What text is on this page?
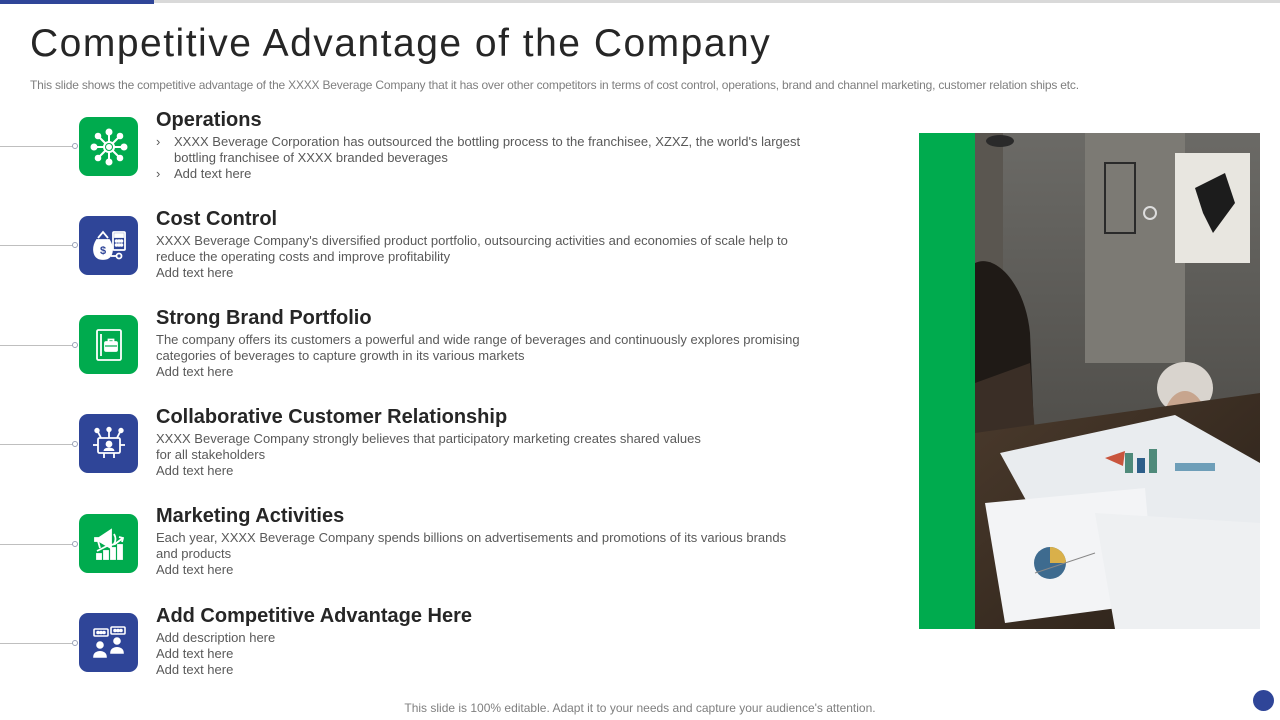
Competitive Advantage of the Company

This slide shows the competitive advantage of the XXXX Beverage Company that it has over other competitors in terms of cost control, operations, brand and channel marketing, customer relation ships etc.

Operations
› XXXX Beverage Corporation has outsourced the bottling process to the franchisee, XZXZ, the world's largest
bottling franchisee of XXXX branded beverages
› Add text here
$
Cost Control
XXXX Beverage Company's diversified product portfolio, outsourcing activities and economies of scale help to
reduce the operating costs and improve profitability
Add text here
Strong Brand Portfolio
The company offers its customers a powerful and wide range of beverages and continuously explores promising
categories of beverages to capture growth in its various markets
Add text here
Collaborative Customer Relationship
XXXX Beverage Company strongly believes that participatory marketing creates shared values
for all stakeholders
Add text here
Marketing Activities
Each year, XXXX Beverage Company spends billions on advertisements and promotions of its various brands
and products
Add text here
Add Competitive Advantage Here
Add description here
Add text here
Add text here
This slide is 100% editable. Adapt it to your needs and capture your audience's attention.
